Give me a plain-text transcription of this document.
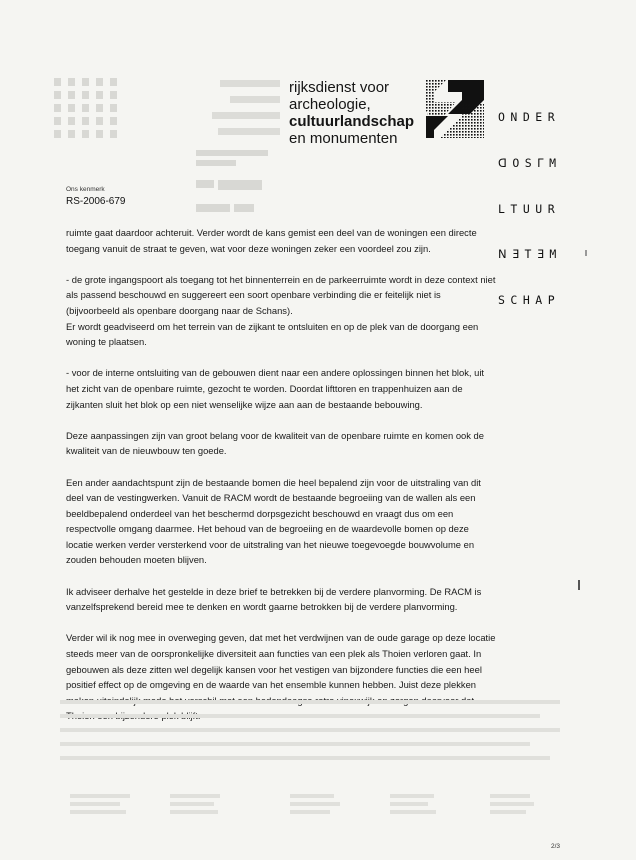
rijksdienst voor
archeologie,
cultuurlandschap
en monumenten

ONDER

ꓷOSᒥM

LTUUR

ꓠƎTƎM

SCHAP

Ons kenmerk
RS-2006-679

ruimte gaat daardoor achteruit. Verder wordt de kans gemist een deel van de woningen een directe toegang vanuit de straat te geven, wat voor deze woningen zeker een voordeel zou zijn.

- de grote ingangspoort als toegang tot het binnenterrein en de parkeerruimte wordt in deze context niet als passend beschouwd en suggereert een soort openbare verbinding die er feitelijk niet is (bijvoorbeeld als openbare doorgang naar de Schans).

Er wordt geadviseerd om het terrein van de zijkant te ontsluiten en op de plek van de doorgang een woning te plaatsen.

- voor de interne ontsluiting van de gebouwen dient naar een andere oplossingen binnen het blok, uit het zicht van de openbare ruimte, gezocht te worden. Doordat lifttoren en trappenhuizen aan de zijkanten sluit het blok op een niet wenselijke wijze aan aan de bestaande bebouwing.

Deze aanpassingen zijn van groot belang voor de kwaliteit van de openbare ruimte en komen ook de kwaliteit van de nieuwbouw ten goede.

Een ander aandachtspunt zijn de bestaande bomen die heel bepalend zijn voor de uitstraling van dit deel van de vestingwerken. Vanuit de RACM wordt de bestaande begroeiing van de wallen als een beeldbepalend onderdeel van het beschermd dorpsgezicht beschouwd en vraagt dus om een respectvolle omgang daarmee. Het behoud van de begroeiing en de waardevolle bomen op deze locatie werken verder versterkend voor de uitstraling van het nieuwe toegevoegde bouwvolume en zouden behouden moeten blijven.

Ik adviseer derhalve het gestelde in deze brief te betrekken bij de verdere planvorming. De RACM is vanzelfsprekend bereid mee te denken en wordt gaarne betrokken bij de verdere planvorming.

Verder wil ik nog mee in overweging geven, dat met het verdwijnen van de oude garage op deze locatie steeds meer van de oorspronkelijke diversiteit aan functies van een plek als Thoien verloren gaat. In gebouwen als deze zitten wel degelijk kansen voor het vestigen van bijzondere functies die een heel positief effect op de omgeving en de waarde van het ensemble kunnen hebben. Juist deze plekken

2/3
